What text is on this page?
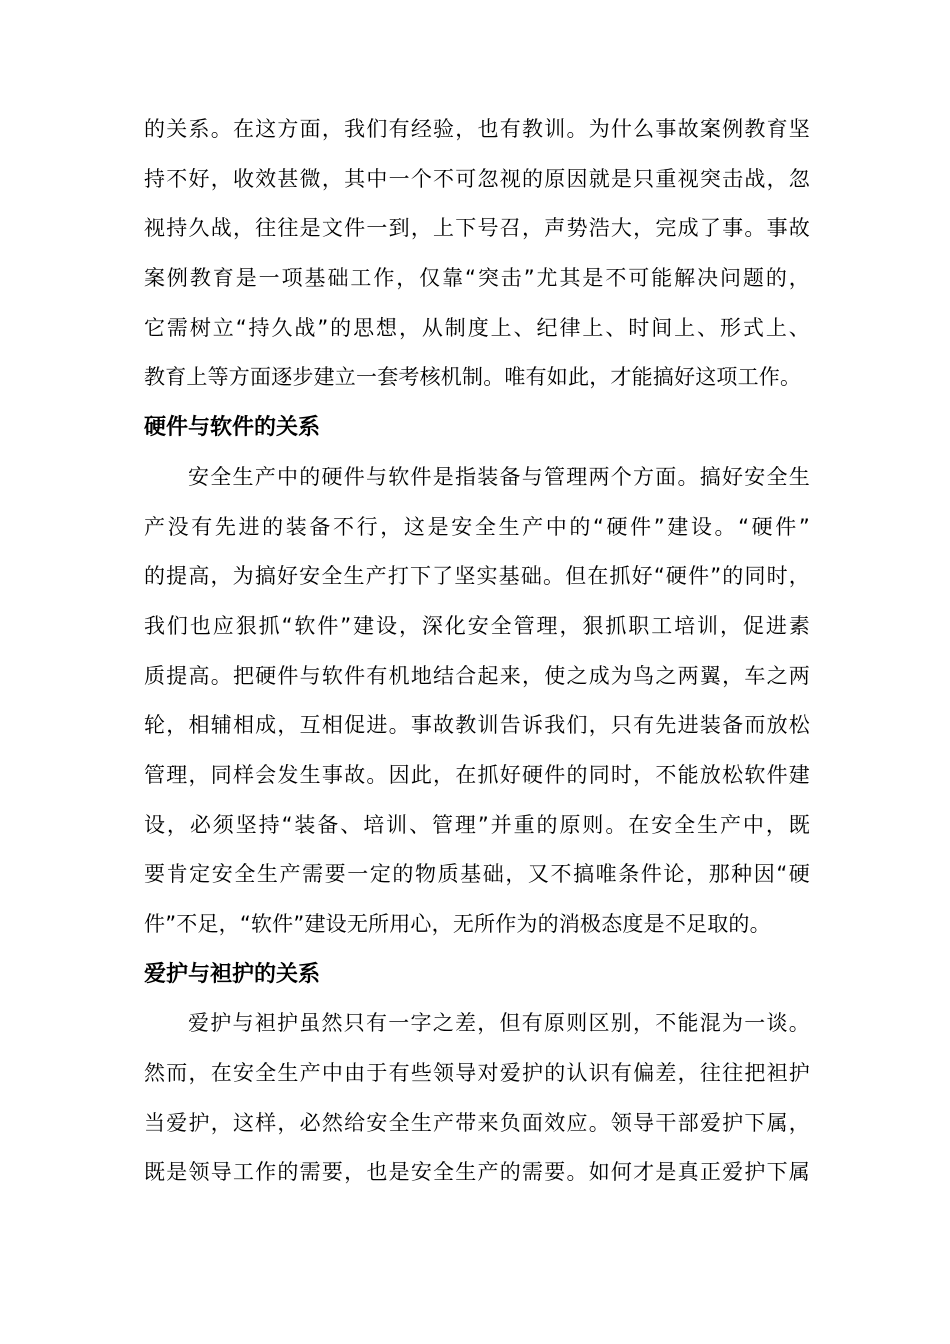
的关系。在这方面，我们有经验，也有教训。为什么事故案例教育坚
持不好，收效甚微，其中一个不可忽视的原因就是只重视突击战，忽
视持久战，往往是文件一到，上下号召，声势浩大，完成了事。事故
案例教育是一项基础工作，仅靠“突击”尤其是不可能解决问题的，
它需树立“持久战”的思想，从制度上、纪律上、时间上、形式上、
教育上等方面逐步建立一套考核机制。唯有如此，才能搞好这项工作。
硬件与软件的关系
安全生产中的硬件与软件是指装备与管理两个方面。搞好安全生
产没有先进的装备不行，这是安全生产中的“硬件”建设。“硬件”
的提高，为搞好安全生产打下了坚实基础。但在抓好“硬件”的同时，
我们也应狠抓“软件”建设，深化安全管理，狠抓职工培训，促进素
质提高。把硬件与软件有机地结合起来，使之成为鸟之两翼，车之两
轮，相辅相成，互相促进。事故教训告诉我们，只有先进装备而放松
管理，同样会发生事故。因此，在抓好硬件的同时，不能放松软件建
设，必须坚持“装备、培训、管理”并重的原则。在安全生产中，既
要肯定安全生产需要一定的物质基础，又不搞唯条件论，那种因“硬
件”不足，“软件”建设无所用心，无所作为的消极态度是不足取的。
爱护与袒护的关系
爱护与袒护虽然只有一字之差，但有原则区别，不能混为一谈。
然而，在安全生产中由于有些领导对爱护的认识有偏差，往往把袒护
当爱护，这样，必然给安全生产带来负面效应。领导干部爱护下属，
既是领导工作的需要，也是安全生产的需要。如何才是真正爱护下属
